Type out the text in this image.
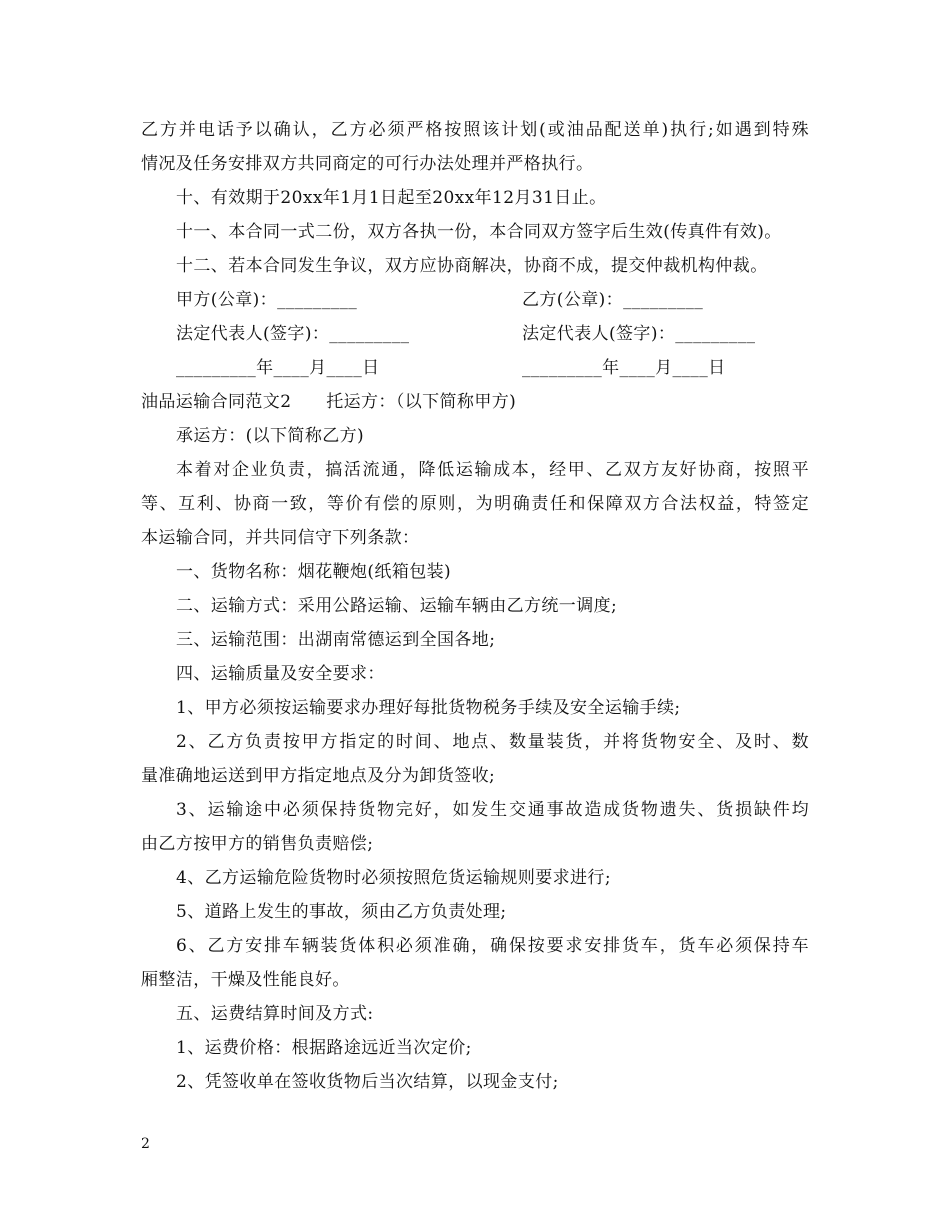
乙方并电话予以确认，乙方必须严格按照该计划(或油品配送单)执行;如遇到特殊
情况及任务安排双方共同商定的可行办法处理并严格执行。
十、有效期于20xx年1月1日起至20xx年12月31日止。
十一、本合同一式二份，双方各执一份，本合同双方签字后生效(传真件有效)。
十二、若本合同发生争议，双方应协商解决，协商不成，提交仲裁机构仲裁。
甲方(公章)：_________	乙方(公章)：_________
法定代表人(签字)：_________	法定代表人(签字)：_________
_________年____月____日	_________年____月____日
油品运输合同范文2　　托运方：（以下简称甲方)
承运方：(以下简称乙方)
本着对企业负责，搞活流通，降低运输成本，经甲、乙双方友好协商，按照平
等、互利、协商一致，等价有偿的原则，为明确责任和保障双方合法权益，特签定
本运输合同，并共同信守下列条款：
一、货物名称：烟花鞭炮(纸箱包装)
二、运输方式：采用公路运输、运输车辆由乙方统一调度;
三、运输范围：出湖南常德运到全国各地;
四、运输质量及安全要求：
1、甲方必须按运输要求办理好每批货物税务手续及安全运输手续;
2、乙方负责按甲方指定的时间、地点、数量装货，并将货物安全、及时、数
量准确地运送到甲方指定地点及分为卸货签收;
3、运输途中必须保持货物完好，如发生交通事故造成货物遗失、货损缺件均
由乙方按甲方的销售负责赔偿;
4、乙方运输危险货物时必须按照危货运输规则要求进行;
5、道路上发生的事故，须由乙方负责处理;
6、乙方安排车辆装货体积必须准确，确保按要求安排货车，货车必须保持车
厢整洁，干燥及性能良好。
五、运费结算时间及方式:
1、运费价格：根据路途远近当次定价;
2、凭签收单在签收货物后当次结算，以现金支付;
2
